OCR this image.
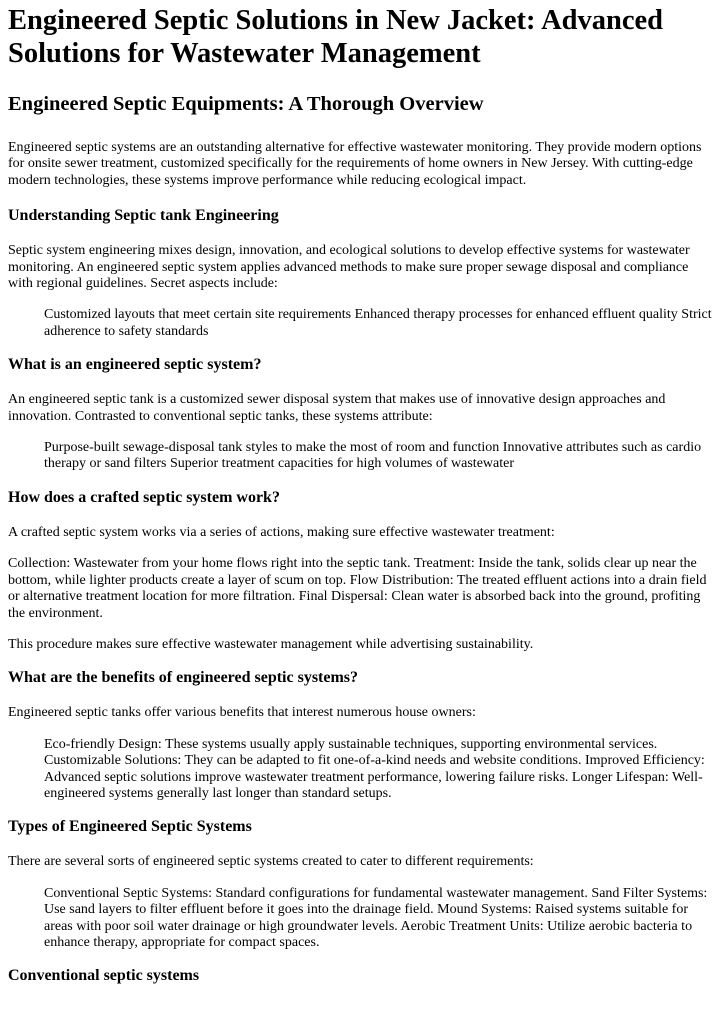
Engineered Septic Solutions in New Jacket: Advanced Solutions for Wastewater Management
Engineered Septic Equipments: A Thorough Overview

Engineered septic systems are an outstanding alternative for effective wastewater monitoring. They provide modern options for onsite sewer treatment, customized specifically for the requirements of home owners in New Jersey. With cutting-edge modern technologies, these systems improve performance while reducing ecological impact.

Understanding Septic tank Engineering

Septic system engineering mixes design, innovation, and ecological solutions to develop effective systems for wastewater monitoring. An engineered septic system applies advanced methods to make sure proper sewage disposal and compliance with regional guidelines. Secret aspects include:

Customized layouts that meet certain site requirements Enhanced therapy processes for enhanced effluent quality Strict adherence to safety standards

What is an engineered septic system?

An engineered septic tank is a customized sewer disposal system that makes use of innovative design approaches and innovation. Contrasted to conventional septic tanks, these systems attribute:

Purpose-built sewage-disposal tank styles to make the most of room and function Innovative attributes such as cardio therapy or sand filters Superior treatment capacities for high volumes of wastewater

How does a crafted septic system work?

A crafted septic system works via a series of actions, making sure effective wastewater treatment:

Collection: Wastewater from your home flows right into the septic tank. Treatment: Inside the tank, solids clear up near the bottom, while lighter products create a layer of scum on top. Flow Distribution: The treated effluent actions into a drain field or alternative treatment location for more filtration. Final Dispersal: Clean water is absorbed back into the ground, profiting the environment.

This procedure makes sure effective wastewater management while advertising sustainability.

What are the benefits of engineered septic systems?

Engineered septic tanks offer various benefits that interest numerous house owners:

Eco-friendly Design: These systems usually apply sustainable techniques, supporting environmental services. Customizable Solutions: They can be adapted to fit one-of-a-kind needs and website conditions. Improved Efficiency: Advanced septic solutions improve wastewater treatment performance, lowering failure risks. Longer Lifespan: Well-engineered systems generally last longer than standard setups.

Types of Engineered Septic Systems

There are several sorts of engineered septic systems created to cater to different requirements:

Conventional Septic Systems: Standard configurations for fundamental wastewater management. Sand Filter Systems: Use sand layers to filter effluent before it goes into the drainage field. Mound Systems: Raised systems suitable for areas with poor soil water drainage or high groundwater levels. Aerobic Treatment Units: Utilize aerobic bacteria to enhance therapy, appropriate for compact spaces.

Conventional septic systems
